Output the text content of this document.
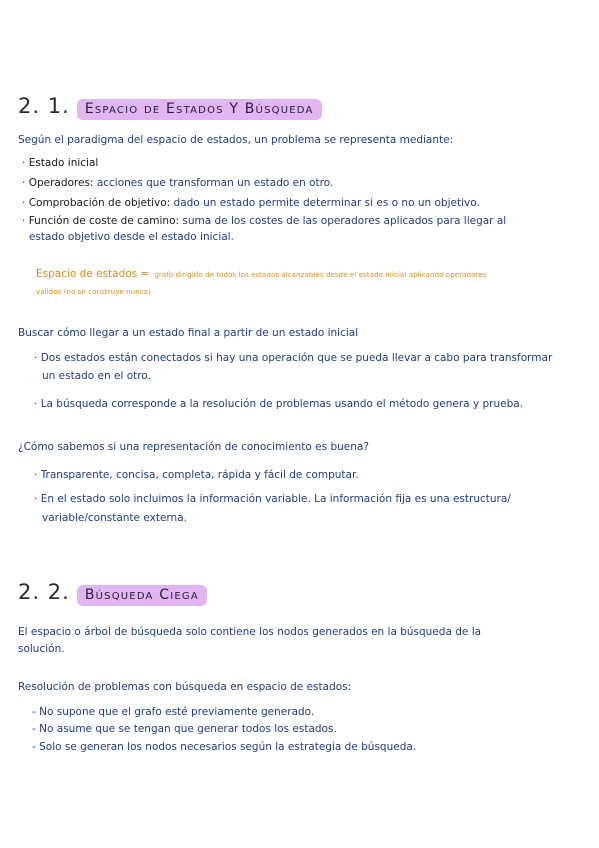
2. 1. Espacio de Estados Y Búsqueda
Según el paradigma del espacio de estados, un problema se representa mediante:
· Estado inicial
· Operadores: acciones que transforman un estado en otro.
· Comprobación de objetivo: dado un estado permite determinar si es o no un objetivo.
· Función de coste de camino: suma de los costes de las operadores aplicados para llegar al
estado objetivo desde el estado inicial.
Espacio de estados = grafo dirigido de todos los estados alcanzables desde el estado inicial aplicando operadores
válidos (no se construye nunca)
Buscar cómo llegar a un estado final a partir de un estado inicial
· Dos estados están conectados si hay una operación que se pueda llevar a cabo para transformar
un estado en el otro.
· La búsqueda corresponde a la resolución de problemas usando el método genera y prueba.
¿Cómo sabemos si una representación de conocimiento es buena?
· Transparente, concisa, completa, rápida y fácil de computar.
· En el estado solo incluimos la información variable. La información fija es una estructura/
variable/constante externa.
2. 2. Búsqueda Ciega
El espacio o árbol de búsqueda solo contiene los nodos generados en la búsqueda de la
solución.
Resolución de problemas con búsqueda en espacio de estados:
- No supone que el grafo esté previamente generado.
- No asume que se tengan que generar todos los estados.
- Solo se generan los nodos necesarios según la estrategia de búsqueda.
